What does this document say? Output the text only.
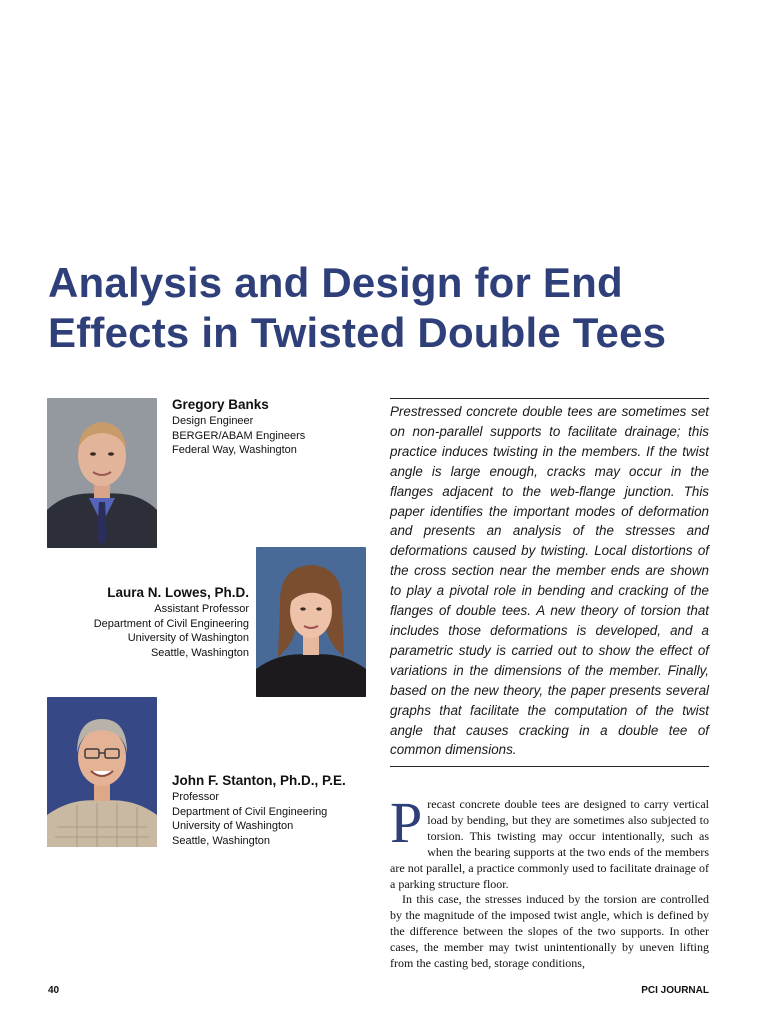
Analysis and Design for End
Effects in Twisted Double Tees
Gregory Banks
Design Engineer
BERGER/ABAM Engineers
Federal Way, Washington
Laura N. Lowes, Ph.D.
Assistant Professor
Department of Civil Engineering
University of Washington
Seattle, Washington
John F. Stanton, Ph.D., P.E.
Professor
Department of Civil Engineering
University of Washington
Seattle, Washington
Prestressed concrete double tees are sometimes set on non-parallel supports to facilitate drainage; this practice induces twisting in the members. If the twist angle is large enough, cracks may occur in the flanges adjacent to the web-flange junction. This paper identifies the important modes of deformation and presents an analysis of the stresses and deformations caused by twisting. Local distortions of the cross section near the member ends are shown to play a pivotal role in bending and cracking of the flanges of double tees. A new theory of torsion that includes those deformations is developed, and a parametric study is carried out to show the effect of variations in the dimensions of the member. Finally, based on the new theory, the paper presents several graphs that facilitate the computation of the twist angle that causes cracking in a double tee of common dimensions.

Precast concrete double tees are designed to carry vertical load by bending, but they are sometimes also subjected to torsion. This twisting may occur intentionally, such as when the bearing supports at the two ends of the members are not parallel, a practice commonly used to facilitate drainage of a parking structure floor.

In this case, the stresses induced by the torsion are controlled by the magnitude of the imposed twist angle, which is defined by the difference between the slopes of the two supports. In other cases, the member may twist unintentionally by uneven lifting from the casting bed, storage conditions,

40	PCI JOURNAL
